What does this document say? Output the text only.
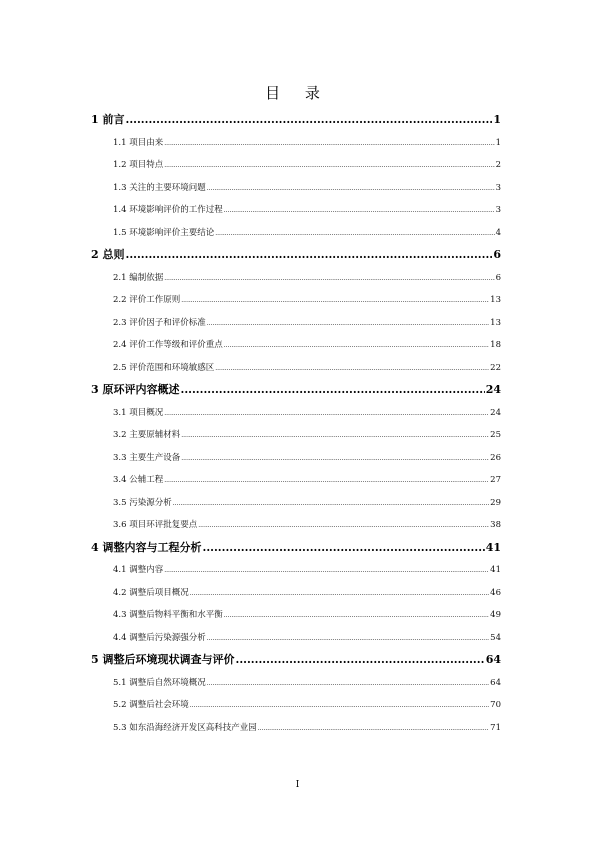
目 录
1 前言 .....	1
1.1 项目由来 .....	1
1.2 项目特点 .....	2
1.3 关注的主要环境问题 .....	3
1.4 环境影响评价的工作过程 .....	3
1.5 环境影响评价主要结论 .....	4
2 总则 .....	6
2.1 编制依据 .....	6
2.2 评价工作原则 .....	13
2.3 评价因子和评价标准 .....	13
2.4 评价工作等级和评价重点 .....	18
2.5 评价范围和环境敏感区 .....	22
3 原环评内容概述 .....	24
3.1 项目概况 .....	24
3.2 主要原辅材料 .....	25
3.3 主要生产设备 .....	26
3.4 公辅工程 .....	27
3.5 污染源分析 .....	29
3.6 项目环评批复要点 .....	38
4 调整内容与工程分析 .....	41
4.1 调整内容 .....	41
4.2 调整后项目概况 .....	46
4.3 调整后物料平衡和水平衡 .....	49
4.4 调整后污染源强分析 .....	54
5 调整后环境现状调查与评价 .....	64
5.1 调整后自然环境概况 .....	64
5.2 调整后社会环境 .....	70
5.3 如东沿海经济开发区高科技产业园 .....	71
I
